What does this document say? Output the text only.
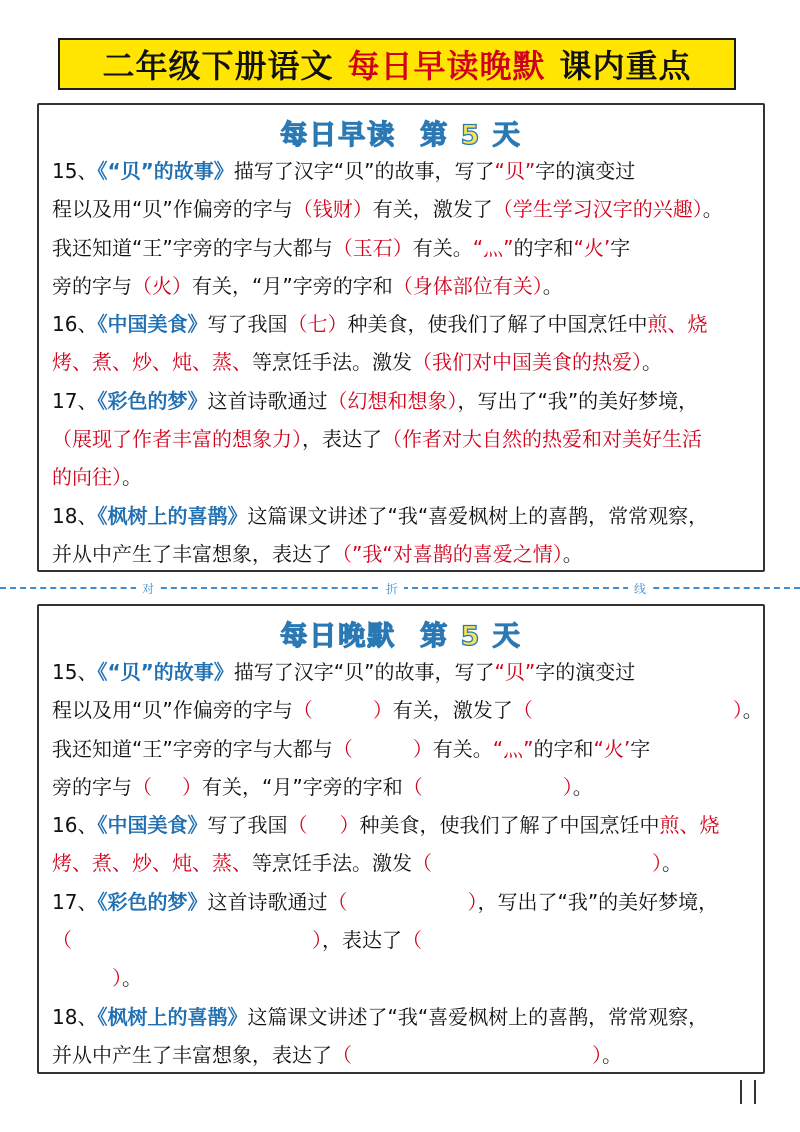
二年级下册语文 每日早读晚默 课内重点
每日早读 第 5 天
15、《“贝”的故事》描写了汉字“贝”的故事，写了“贝”字的演变过
程以及用“贝”作偏旁的字与（钱财）有关，激发了（学生学习汉字的兴趣）。
我还知道“王”字旁的字与大都与（玉石）有关。“灬”的字和“火’字
旁的字与（火）有关，“月”字旁的字和（身体部位有关）。
16、《中国美食》写了我国（七）种美食，使我们了解了中国烹饪中煎、烧
烤、煮、炒、炖、蒸、等烹饪手法。激发（我们对中国美食的热爱）。
17、《彩色的梦》这首诗歌通过（幻想和想象），写出了“我”的美好梦境，
（展现了作者丰富的想象力），表达了（作者对大自然的热爱和对美好生活
的向往）。
18、《枫树上的喜鹊》这篇课文讲述了“我“喜爱枫树上的喜鹊，常常观察，
并从中产生了丰富想象，表达了（”我“对喜鹊的喜爱之情）。
对	折	线
每日晚默 第 5 天
15、《“贝”的故事》描写了汉字“贝”的故事，写了“贝”字的演变过
程以及用“贝”作偏旁的字与（	）有关，激发了（	）。
我还知道“王”字旁的字与大都与（	）有关。“灬”的字和“火’字
旁的字与（ ）有关，“月”字旁的字和（	）。
16、《中国美食》写了我国（ ）种美食，使我们了解了中国烹饪中煎、烧
烤、煮、炒、炖、蒸、等烹饪手法。激发（	）。
17、《彩色的梦》这首诗歌通过（	），写出了“我”的美好梦境，
（	），表达了（
）。
18、《枫树上的喜鹊》这篇课文讲述了“我“喜爱枫树上的喜鹊，常常观察，
并从中产生了丰富想象，表达了（	）。
